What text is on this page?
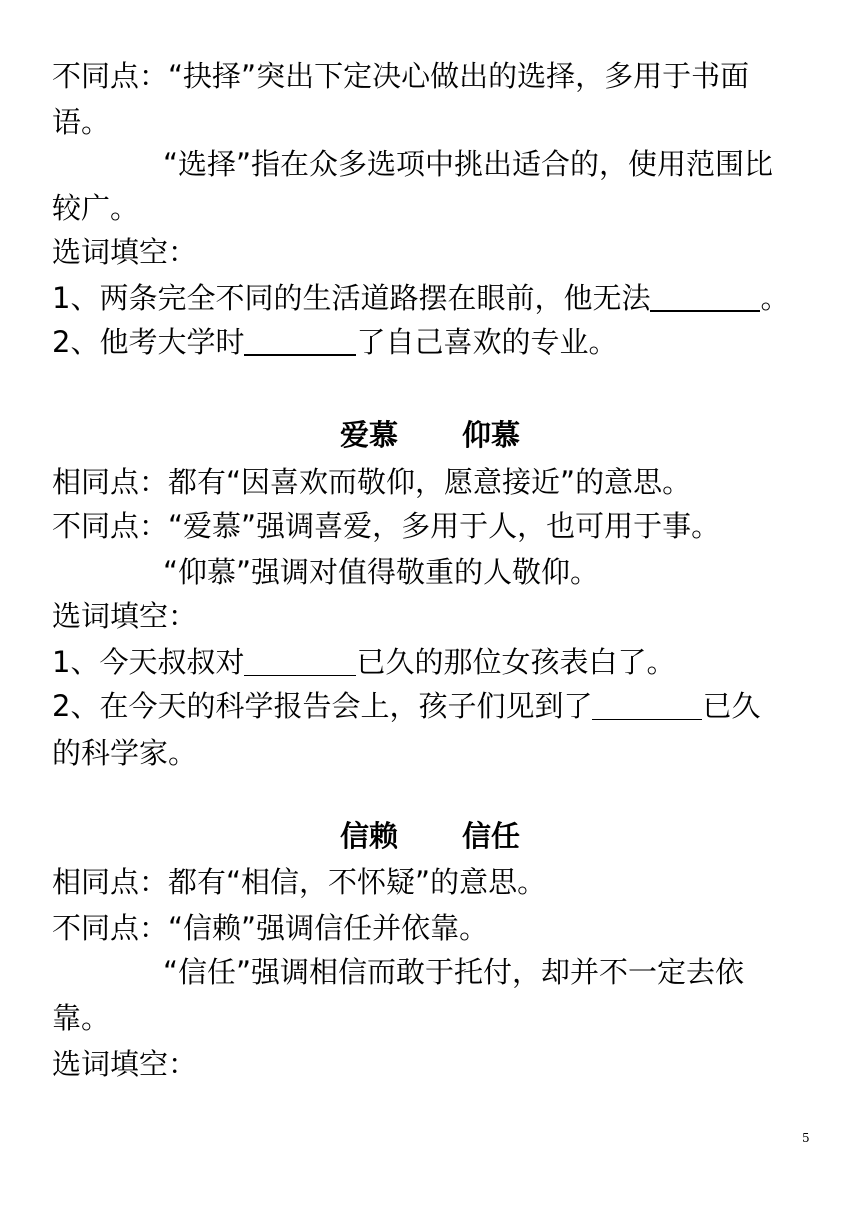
不同点：“抉择”突出下定决心做出的选择，多用于书面
语。
“选择”指在众多选项中挑出适合的，使用范围比
较广。
选词填空：
1、两条完全不同的生活道路摆在眼前，他无法	。
2、他考大学时	了自己喜欢的专业。
爱慕 仰慕
相同点：都有“因喜欢而敬仰，愿意接近”的意思。
不同点：“爱慕”强调喜爱，多用于人，也可用于事。
“仰慕”强调对值得敬重的人敬仰。
选词填空：
1、今天叔叔对	已久的那位女孩表白了。
2、在今天的科学报告会上，孩子们见到了	已久
的科学家。
信赖 信任
相同点：都有“相信，不怀疑”的意思。
不同点：“信赖”强调信任并依靠。
“信任”强调相信而敢于托付，却并不一定去依
靠。
选词填空：
5
